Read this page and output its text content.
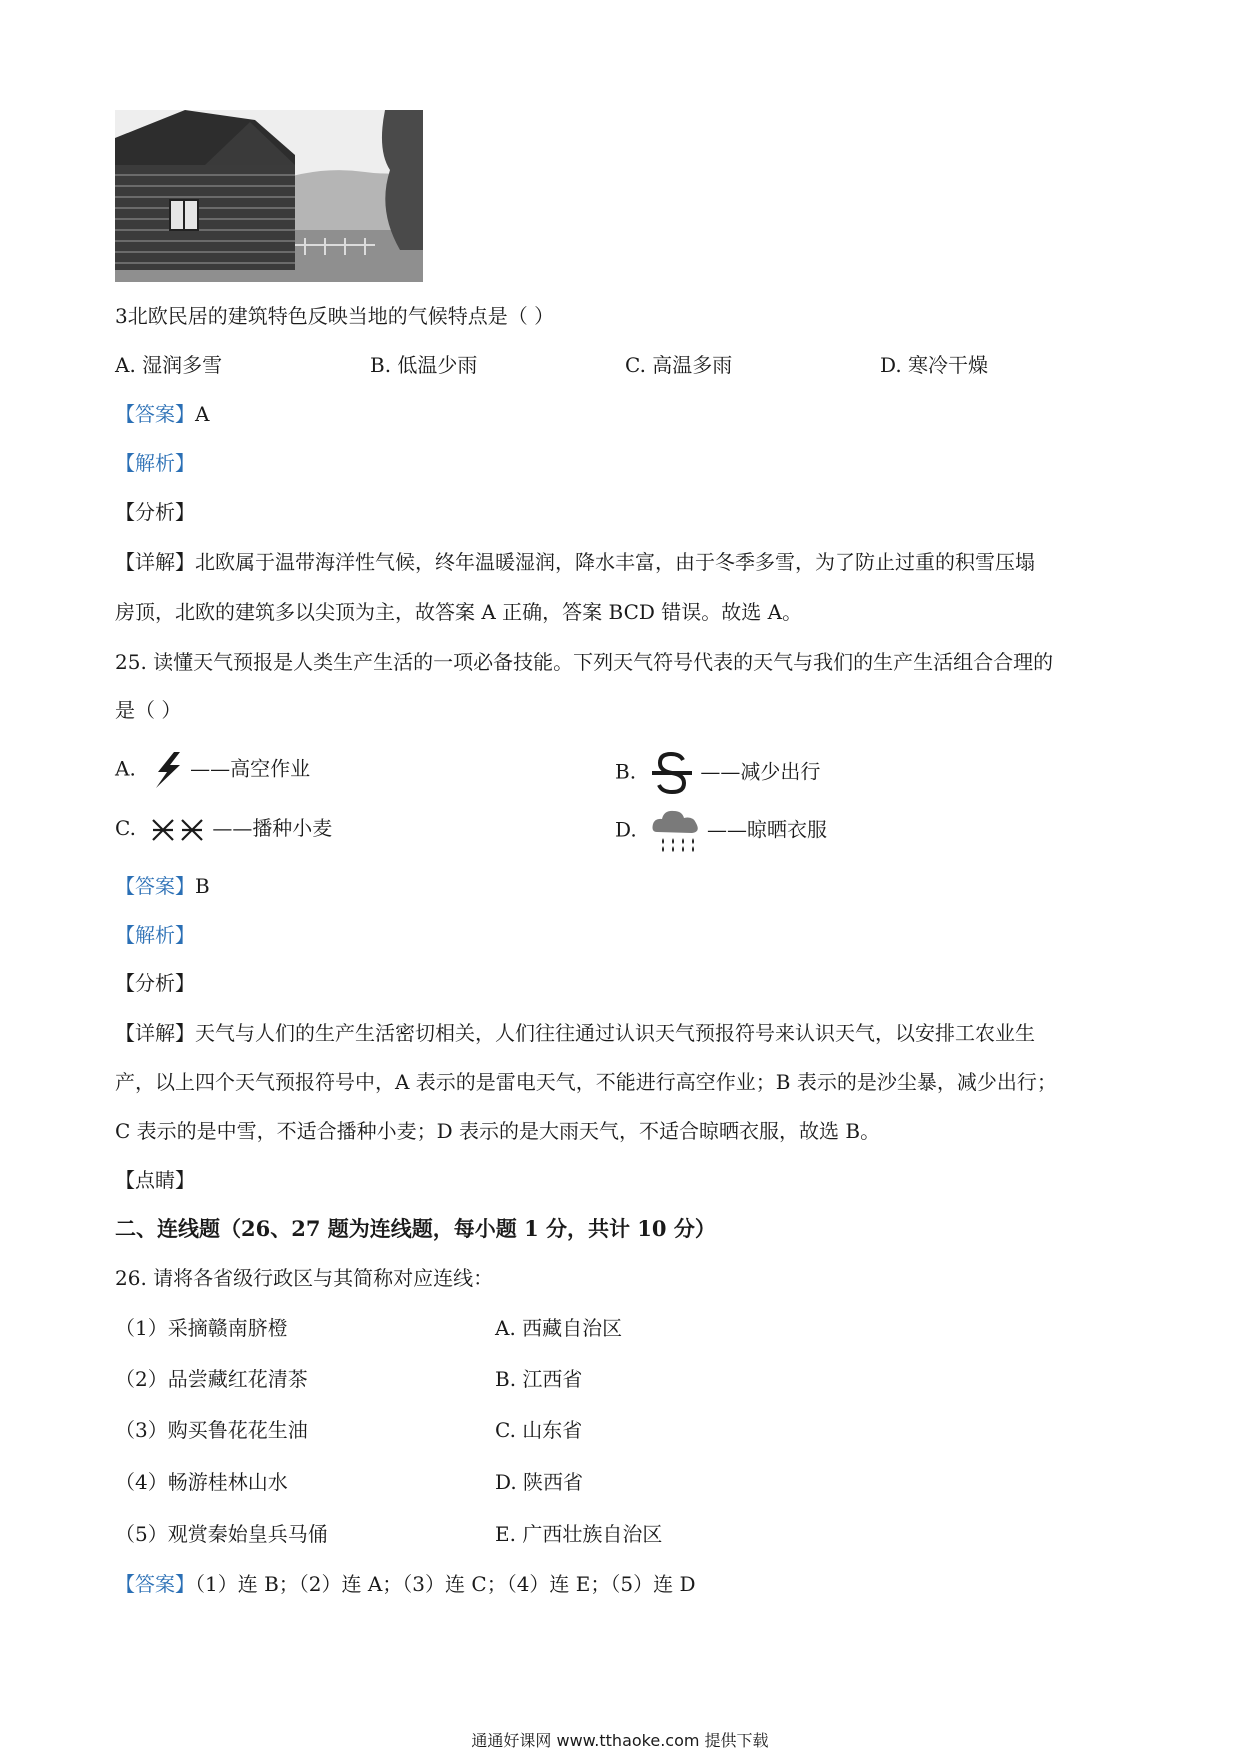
3北欧民居的建筑特色反映当地的气候特点是（ ）
A. 湿润多雪	B. 低温少雨	C. 高温多雨	D. 寒冷干燥
【答案】A
【解析】
【分析】
【详解】北欧属于温带海洋性气候，终年温暖湿润，降水丰富，由于冬季多雪，为了防止过重的积雪压塌
房顶，北欧的建筑多以尖顶为主，故答案 A 正确，答案 BCD 错误。故选 A。
25. 读懂天气预报是人类生产生活的一项必备技能。下列天气符号代表的天气与我们的生产生活组合合理的
是（ ）
A.	——高空作业	B.	——减少出行
C.	——播种小麦	D.	——晾晒衣服
【答案】B
【解析】
【分析】
【详解】天气与人们的生产生活密切相关，人们往往通过认识天气预报符号来认识天气，以安排工农业生
产，以上四个天气预报符号中，A 表示的是雷电天气，不能进行高空作业；B 表示的是沙尘暴，减少出行；
C 表示的是中雪，不适合播种小麦；D 表示的是大雨天气，不适合晾晒衣服，故选 B。
【点睛】
二、连线题（26、27 题为连线题，每小题 1 分，共计 10 分）
26. 请将各省级行政区与其简称对应连线：
（1）采摘赣南脐橙	A. 西藏自治区
（2）品尝藏红花清茶	B. 江西省
（3）购买鲁花花生油	C. 山东省
（4）畅游桂林山水	D. 陕西省
（5）观赏秦始皇兵马俑	E. 广西壮族自治区
【答案】（1）连 B；（2）连 A；（3）连 C；（4）连 E；（5）连 D
通通好课网 www.tthaoke.com 提供下载
